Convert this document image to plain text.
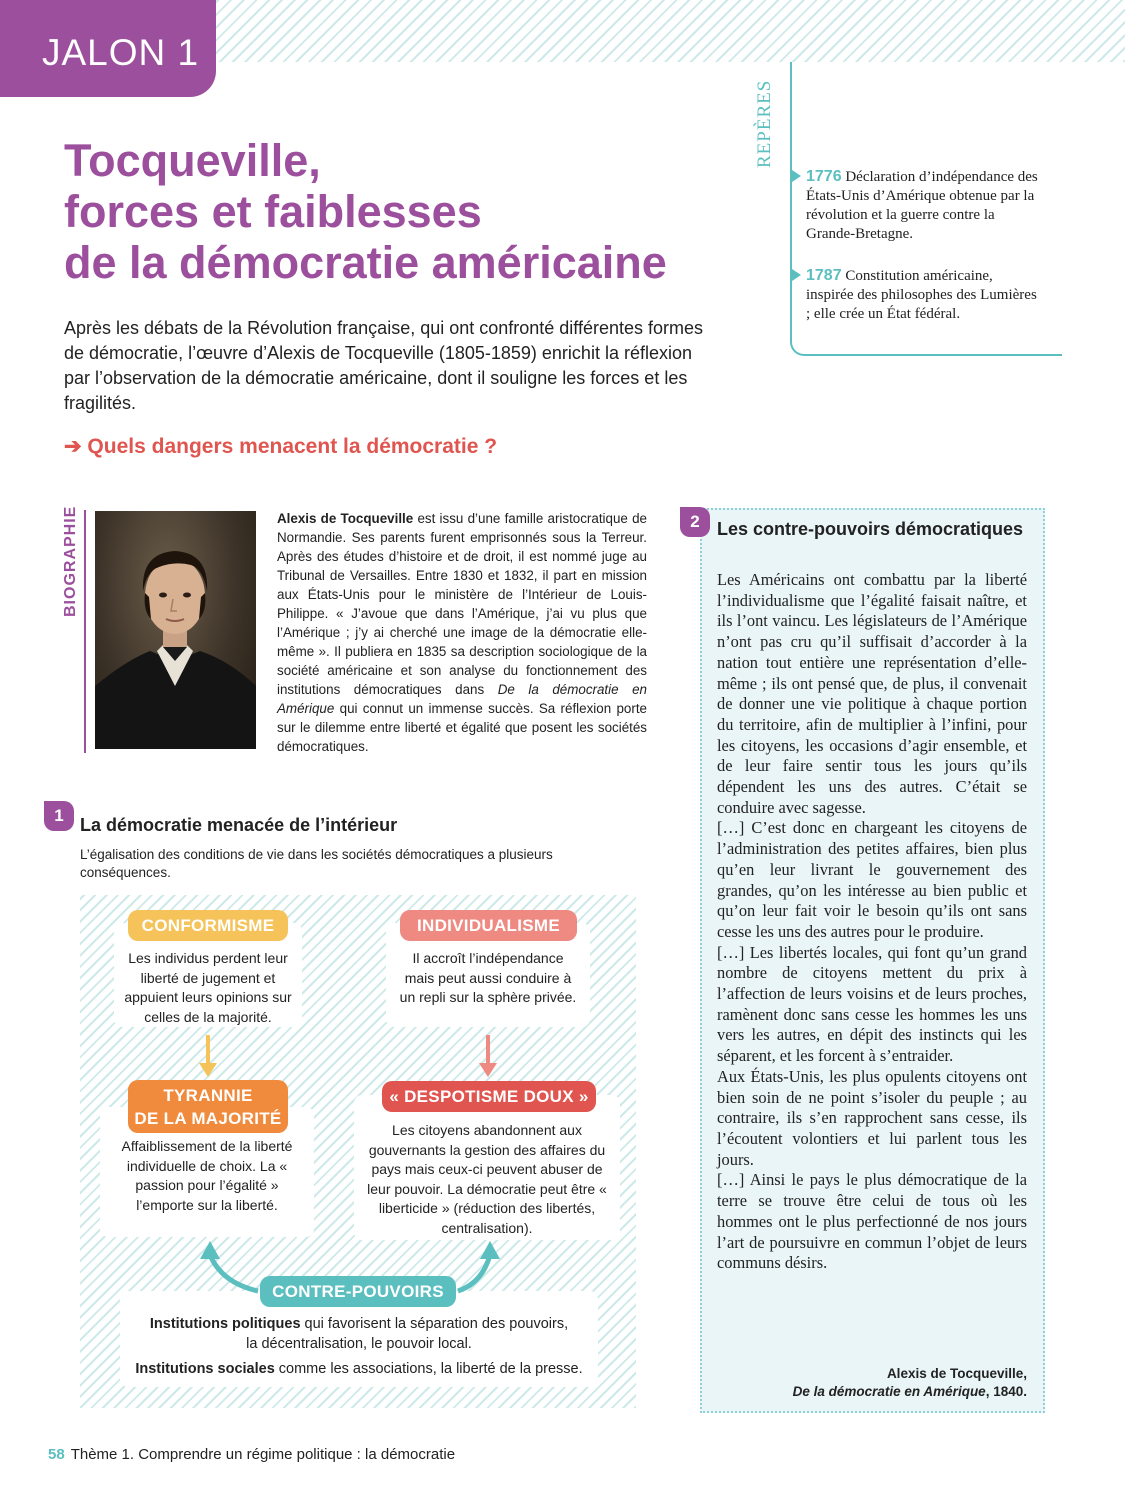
JALON 1
Tocqueville,
forces et faiblesses
de la démocratie américaine

Après les débats de la Révolution française, qui ont confronté différentes formes de démocratie, l’œuvre d’Alexis de Tocqueville (1805-1859) enrichit la réflexion par l’observation de la démocratie américaine, dont il souligne les forces et les fragilités.

➔ Quels dangers menacent la démocratie ?

REPÈRES
1776 Déclaration d’indépendance des États-Unis d’Amérique obtenue par la révolution et la guerre contre la Grande-Bretagne.
1787 Constitution américaine, inspirée des philosophes des Lumières ; elle crée un État fédéral.
BIOGRAPHIE	Alexis de Tocqueville est issu d’une famille aristocratique de Normandie. Ses parents furent emprisonnés sous la Terreur. Après des études d’histoire et de droit, il est nommé juge au Tribunal de Versailles. Entre 1830 et 1832, il part en mission aux États-Unis pour le ministère de l’Intérieur de Louis-Philippe. « J’avoue que dans l’Amérique, j’ai vu plus que l’Amérique ; j’y ai cherché une image de la démocratie elle-même ». Il publiera en 1835 sa description sociologique de la société américaine et son analyse du fonctionnement des institutions démocratiques dans De la démocratie en Amérique qui connut un immense succès. Sa réflexion porte sur le dilemme entre liberté et égalité que posent les sociétés démocratiques.
1 La démocratie menacée de l’intérieur

L’égalisation des conditions de vie dans les sociétés démocratiques a plusieurs conséquences.

Les individus perdent leur liberté de jugement et appuient leurs opinions sur celles de la majorité.
CONFORMISME
Il accroît l’indépendance mais peut aussi conduire à un repli sur la sphère privée.
INDIVIDUALISME
Affaiblissement de la liberté individuelle de choix. La « passion pour l’égalité » l’emporte sur la liberté.
TYRANNIE
DE LA MAJORITÉ
Les citoyens abandonnent aux gouvernants la gestion des affaires du pays mais ceux-ci peuvent abuser de leur pouvoir. La démocratie peut être « liberticide » (réduction des libertés, centralisation).
« DESPOTISME DOUX »
Institutions politiques qui favorisent la séparation des pouvoirs, la décentralisation, le pouvoir local.
Institutions sociales comme les associations, la liberté de la presse.
CONTRE-POUVOIRS
2 Les contre-pouvoirs démocratiques

Les Américains ont combattu par la liberté l’individualisme que l’égalité faisait naître, et ils l’ont vaincu. Les législateurs de l’Amérique n’ont pas cru qu’il suffisait d’accorder à la nation tout entière une représentation d’elle-même ; ils ont pensé que, de plus, il convenait de donner une vie politique à chaque portion du territoire, afin de multiplier à l’infini, pour les citoyens, les occasions d’agir ensemble, et de leur faire sentir tous les jours qu’ils dépendent les uns des autres. C’était se conduire avec sagesse.

[…] C’est donc en chargeant les citoyens de l’administration des petites affaires, bien plus qu’en leur livrant le gouvernement des grandes, qu’on les intéresse au bien public et qu’on leur fait voir le besoin qu’ils ont sans cesse les uns des autres pour le produire.

[…] Les libertés locales, qui font qu’un grand nombre de citoyens mettent du prix à l’affection de leurs voisins et de leurs proches, ramènent donc sans cesse les hommes les uns vers les autres, en dépit des instincts qui les séparent, et les forcent à s’entraider.

Aux États-Unis, les plus opulents citoyens ont bien soin de ne point s’isoler du peuple ; au contraire, ils s’en rapprochent sans cesse, ils l’écoutent volontiers et lui parlent tous les jours.

[…] Ainsi le pays le plus démocratique de la terre se trouve être celui de tous où les hommes ont le plus perfectionné de nos jours l’art de poursuivre en commun l’objet de leurs communs désirs.

Alexis de Tocqueville,
De la démocratie en Amérique, 1840.
58 Thème 1. Comprendre un régime politique : la démocratie
